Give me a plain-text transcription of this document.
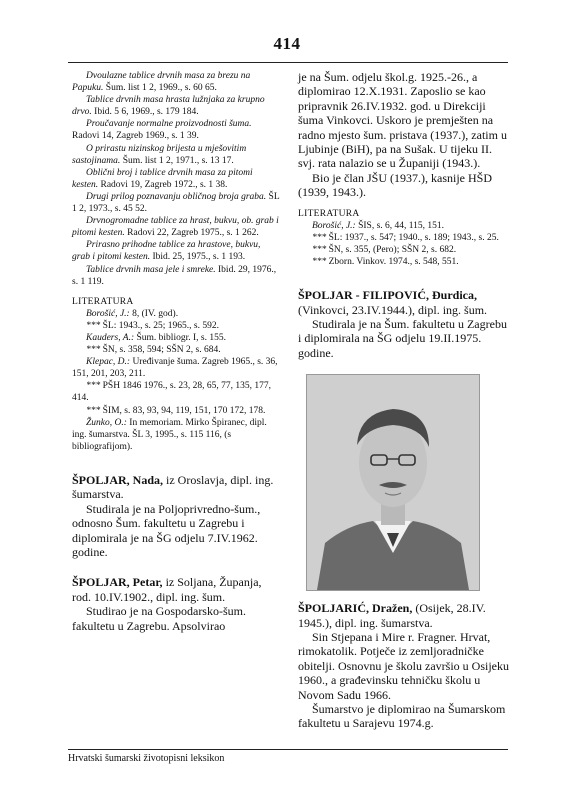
414

Dvoulazne tablice drvnih masa za brezu na Papuku. Šum. list 1 2, 1969., s. 60 65.

Tablice drvnih masa hrasta lužnjaka za krupno drvo. Ibid. 5 6, 1969., s. 179 184.

Proučavanje normalne proizvodnosti šuma. Radovi 14, Zagreb 1969., s. 1 39.

O prirastu nizinskog brijesta u mješovitim sastojinama. Šum. list 1 2, 1971., s. 13 17.

Oblični broj i tablice drvnih masa za pitomi kesten. Radovi 19, Zagreb 1972., s. 1 38.

Drugi prilog poznavanju obličnog broja graba. ŠL 1 2, 1973., s. 45 52.

Drvnogromadne tablice za hrast, bukvu, ob. grab i pitomi kesten. Radovi 22, Zagreb 1975., s. 1 262.

Prirasno prihodne tablice za hrastove, bukvu, grab i pitomi kesten. Ibid. 25, 1975., s. 1 193.

Tablice drvnih masa jele i smreke. Ibid. 29, 1976., s. 1 119.

LITERATURA

Borošić, J.: 8, (IV. god).

*** ŠL: 1943., s. 25; 1965., s. 592.

Kauders, A.: Šum. bibliogr. I, s. 155.

*** ŠN, s. 358, 594; SŠN 2, s. 684.

Klepac, D.: Uređivanje šuma. Zagreb 1965., s. 36, 151, 201, 203, 211.

*** PŠH 1846 1976., s. 23, 28, 65, 77, 135, 177, 414.

*** ŠIM, s. 83, 93, 94, 119, 151, 170 172, 178.

Žunko, O.: In memoriam. Mirko Špiranec, dipl. ing. šumarstva. ŠL 3, 1995., s. 115 116, (s bibliografijom).

ŠPOLJAR, Nada, iz Oroslavja, dipl. ing. šumarstva.

Studirala je na Poljoprivredno-šum., odnosno Šum. fakultetu u Zagrebu i diplomirala je na ŠG odjelu 7.IV.1962. godine.

ŠPOLJAR, Petar, iz Soljana, Županja, rod. 10.IV.1902., dipl. ing. šum.

Studirao je na Gospodarsko-šum. fakultetu u Zagrebu. Apsolvirao

je na Šum. odjelu škol.g. 1925.-26., a diplomirao 12.X.1931. Zaposlio se kao pripravnik 26.IV.1932. god. u Direkciji šuma Vinkovci. Uskoro je premješten na radno mjesto šum. pristava (1937.), zatim u Ljubinje (BiH), pa na Sušak. U tijeku II. svj. rata nalazio se u Županiji (1943.).

Bio je član JŠU (1937.), kasnije HŠD (1939, 1943.).

LITERATURA

Borošić, J.: ŠIS, s. 6, 44, 115, 151.

*** ŠL: 1937., s. 547; 1940., s. 189; 1943., s. 25.

*** ŠN, s. 355, (Pero); SŠN 2, s. 682.

*** Zborn. Vinkov. 1974., s. 548, 551.

ŠPOLJAR - FILIPOVIĆ, Đurdica, (Vinkovci, 23.IV.1944.), dipl. ing. šum.

Studirala je na Šum. fakultetu u Zagrebu i diplomirala na ŠG odjelu 19.II.1975. godine.

ŠPOLJARIĆ, Dražen, (Osijek, 28.IV. 1945.), dipl. ing. šumarstva.

Sin Stjepana i Mire r. Fragner. Hrvat, rimokatolik. Potječe iz zemljoradničke obitelji. Osnovnu je školu završio u Osijeku 1960., a građevinsku tehničku školu u Novom Sadu 1966.

Šumarstvo je diplomirao na Šumarskom fakultetu u Sarajevu 1974.g.

Hrvatski šumarski životopisni leksikon
